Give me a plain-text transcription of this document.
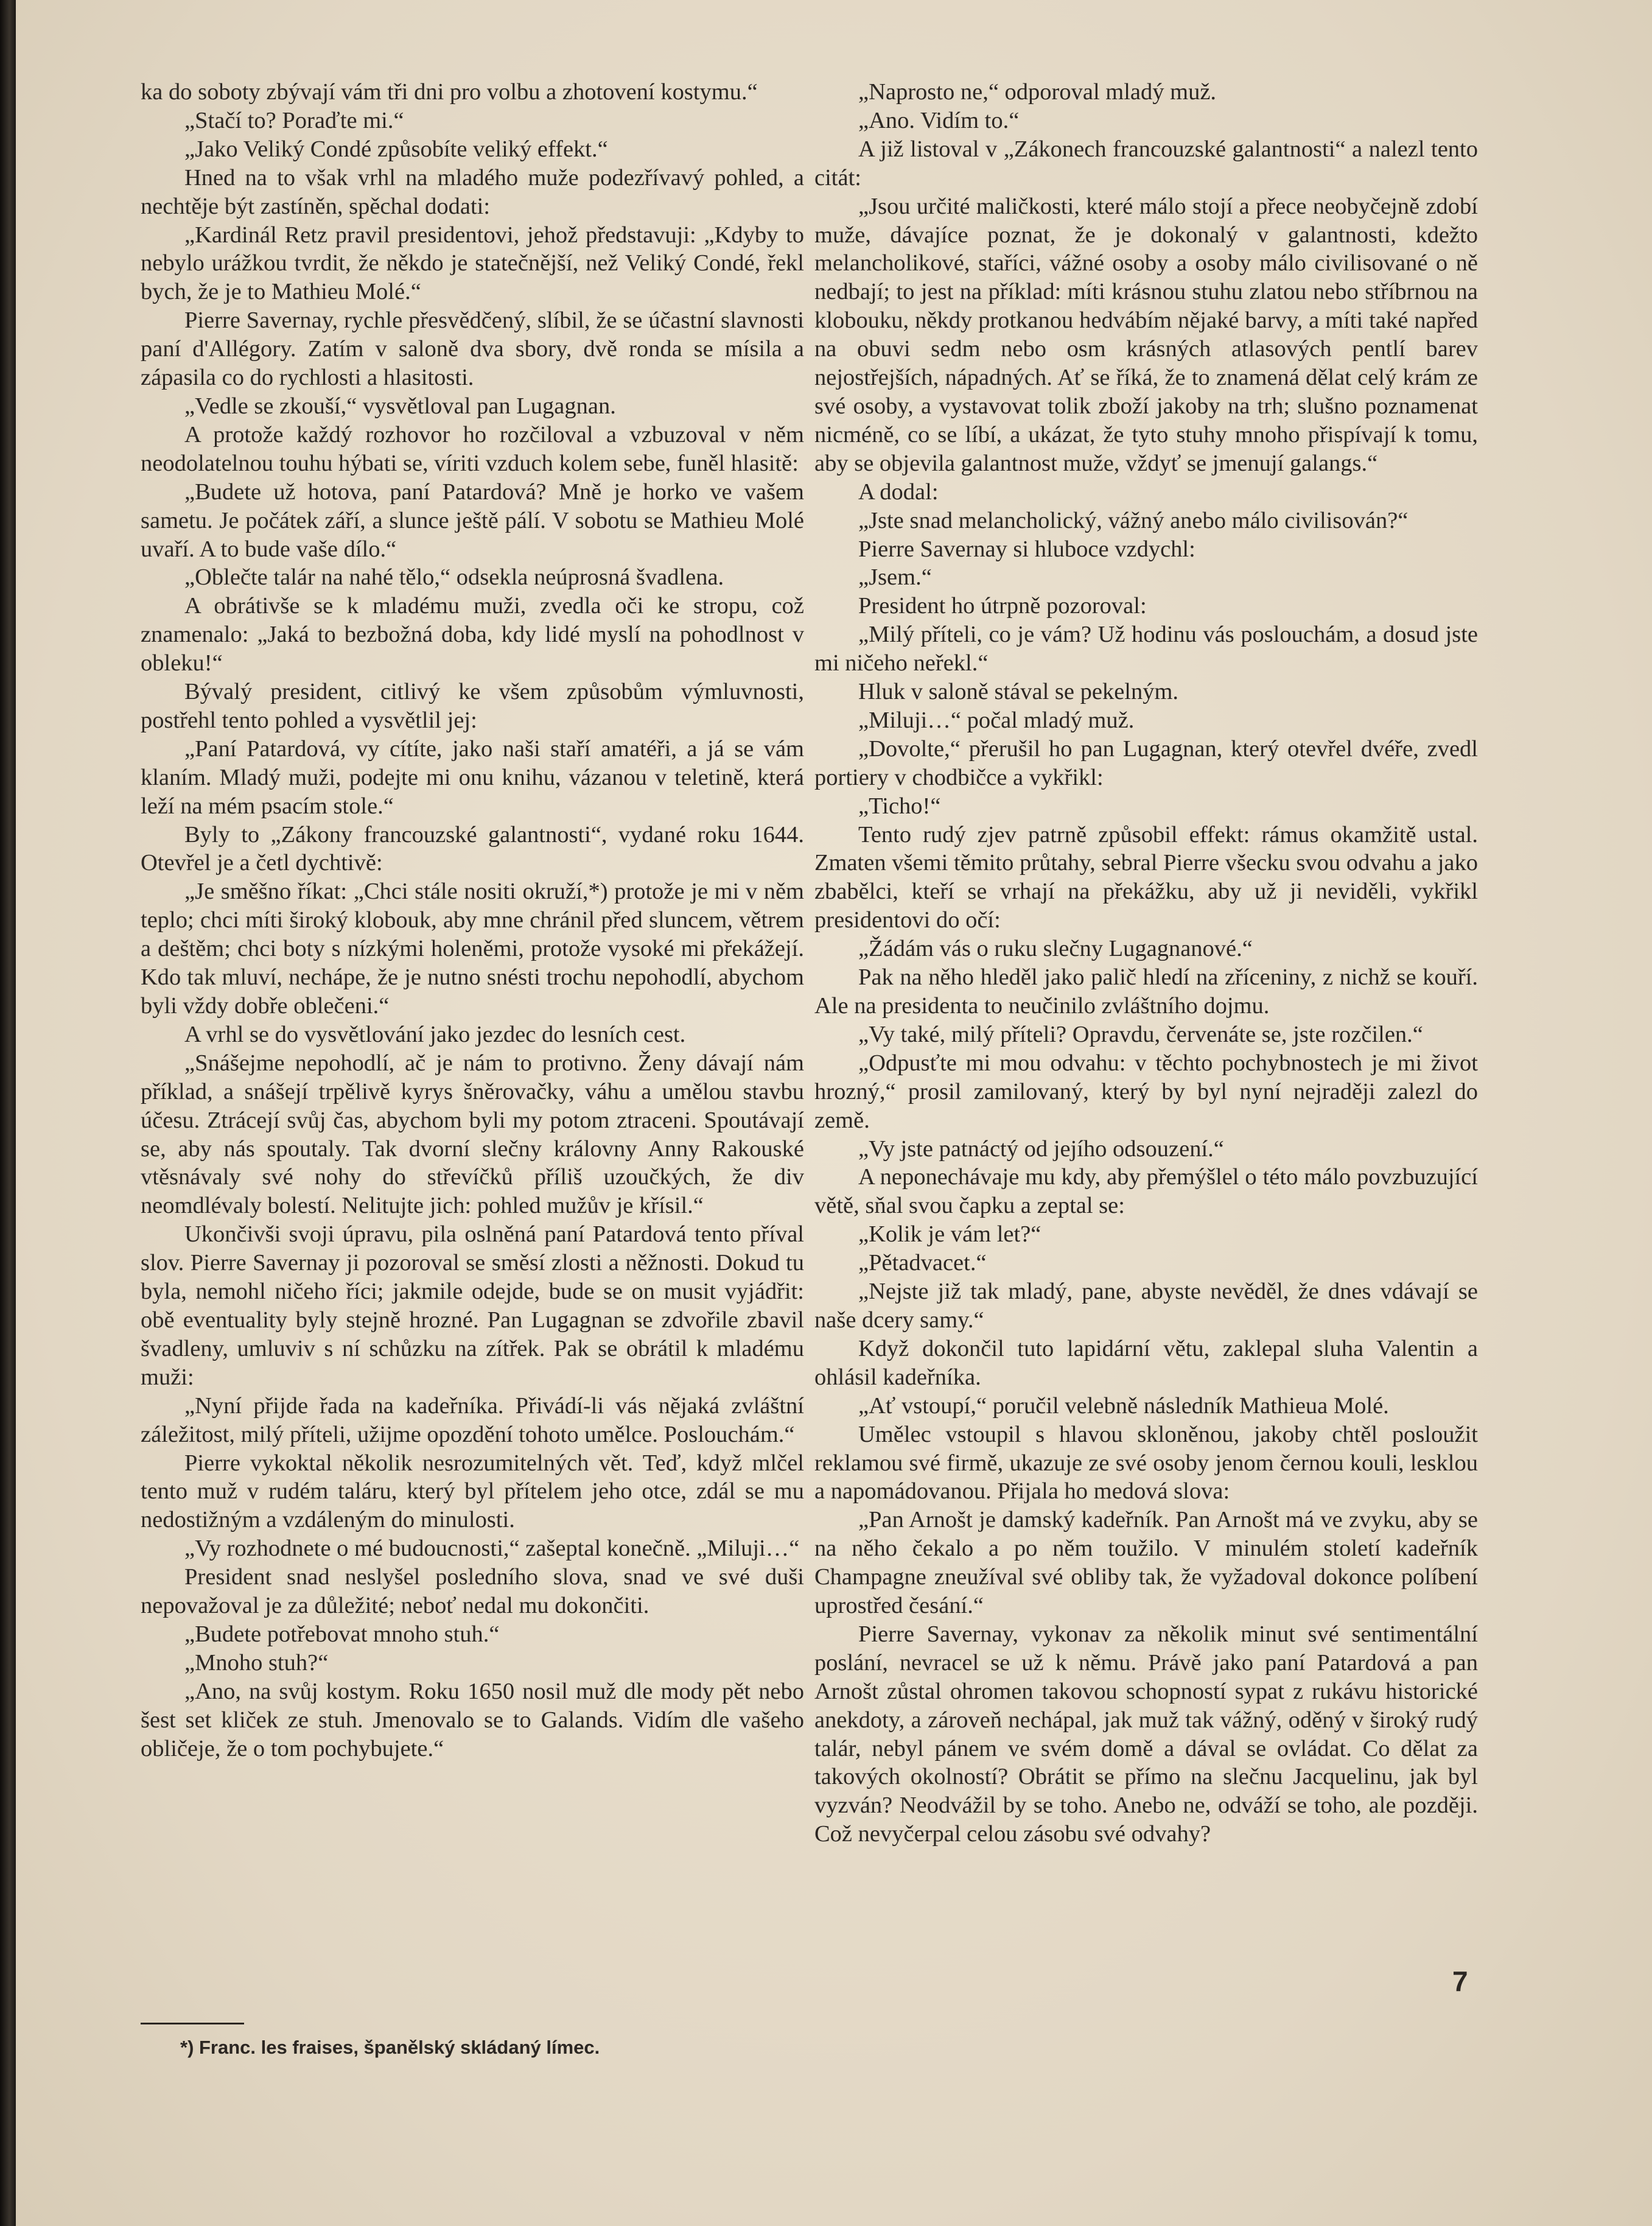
ka do soboty zbývají vám tři dni pro volbu a zhotovení kostymu.“

„Stačí to? Poraďte mi.“

„Jako Veliký Condé způsobíte veliký effekt.“

Hned na to však vrhl na mladého muže podezřívavý pohled, a nechtěje být zastíněn, spěchal dodati:

„Kardinál Retz pravil presidentovi, jehož představuji: „Kdyby to nebylo urážkou tvrdit, že někdo je statečnější, než Veliký Condé, řekl bych, že je to Mathieu Molé.“

Pierre Savernay, rychle přesvědčený, slíbil, že se účastní slavnosti paní d'Allégory. Zatím v saloně dva sbory, dvě ronda se mísila a zápasila co do rychlosti a hlasitosti.

„Vedle se zkouší,“ vysvětloval pan Lugagnan.

A protože každý rozhovor ho rozčiloval a vzbuzoval v něm neodolatelnou touhu hýbati se, víriti vzduch kolem sebe, funěl hlasitě:

„Budete už hotova, paní Patardová? Mně je horko ve vašem sametu. Je počátek září, a slunce ještě pálí. V sobotu se Mathieu Molé uvaří. A to bude vaše dílo.“

„Oblečte talár na nahé tělo,“ odsekla neúprosná švadlena.

A obrátivše se k mladému muži, zvedla oči ke stropu, což znamenalo: „Jaká to bezbožná doba, kdy lidé myslí na pohodlnost v obleku!“

Bývalý president, citlivý ke všem způsobům výmluvnosti, postřehl tento pohled a vysvětlil jej:

„Paní Patardová, vy cítíte, jako naši staří amatéři, a já se vám klaním. Mladý muži, podejte mi onu knihu, vázanou v teletině, která leží na mém psacím stole.“

Byly to „Zákony francouzské galantnosti“, vydané roku 1644. Otevřel je a četl dychtivě:

„Je směšno říkat: „Chci stále nositi okruží,*) protože je mi v něm teplo; chci míti široký klobouk, aby mne chránil před sluncem, větrem a deštěm; chci boty s nízkými holeněmi, protože vysoké mi překážejí. Kdo tak mluví, nechápe, že je nutno snésti trochu nepohodlí, abychom byli vždy dobře oblečeni.“

A vrhl se do vysvětlování jako jezdec do lesních cest.

„Snášejme nepohodlí, ač je nám to protivno. Ženy dávají nám příklad, a snášejí trpělivě kyrys šněrovačky, váhu a umělou stavbu účesu. Ztrácejí svůj čas, abychom byli my potom ztraceni. Spoutávají se, aby nás spoutaly. Tak dvorní slečny královny Anny Rakouské vtěsnávaly své nohy do střevíčků příliš uzoučkých, že div neomdlévaly bolestí. Nelitujte jich: pohled mužův je křísil.“

Ukončivši svoji úpravu, pila oslněná paní Patardová tento příval slov. Pierre Savernay ji pozoroval se směsí zlosti a něžnosti. Dokud tu byla, nemohl ničeho říci; jakmile odejde, bude se on musit vyjádřit: obě eventuality byly stejně hrozné. Pan Lugagnan se zdvořile zbavil švadleny, umluviv s ní schůzku na zítřek. Pak se obrátil k mladému muži:

„Nyní přijde řada na kadeřníka. Přivádí-li vás nějaká zvláštní záležitost, milý příteli, užijme opozdění tohoto umělce. Poslouchám.“

Pierre vykoktal několik nesrozumitelných vět. Teď, když mlčel tento muž v rudém taláru, který byl přítelem jeho otce, zdál se mu nedostižným a vzdáleným do minulosti.

„Vy rozhodnete o mé budoucnosti,“ zašeptal konečně. „Miluji…“

President snad neslyšel posledního slova, snad ve své duši nepovažoval je za důležité; neboť nedal mu dokončiti.

„Budete potřebovat mnoho stuh.“

„Mnoho stuh?“

„Ano, na svůj kostym. Roku 1650 nosil muž dle mody pět nebo šest set kliček ze stuh. Jmenovalo se to Galands. Vidím dle vašeho obličeje, že o tom pochybujete.“

„Naprosto ne,“ odporoval mladý muž.

„Ano. Vidím to.“

A již listoval v „Zákonech francouzské galantnosti“ a nalezl tento citát:

„Jsou určité maličkosti, které málo stojí a přece neobyčejně zdobí muže, dávajíce poznat, že je dokonalý v galantnosti, kdežto melancholikové, staříci, vážné osoby a osoby málo civilisované o ně nedbají; to jest na příklad: míti krásnou stuhu zlatou nebo stříbrnou na klobouku, někdy protkanou hedvábím nějaké barvy, a míti také napřed na obuvi sedm nebo osm krásných atlasových pentlí barev nejostřejších, nápadných. Ať se říká, že to znamená dělat celý krám ze své osoby, a vystavovat tolik zboží jakoby na trh; slušno poznamenat nicméně, co se líbí, a ukázat, že tyto stuhy mnoho přispívají k tomu, aby se objevila galantnost muže, vždyť se jmenují galangs.“

A dodal:

„Jste snad melancholický, vážný anebo málo civilisován?“

Pierre Savernay si hluboce vzdychl:

„Jsem.“

President ho útrpně pozoroval:

„Milý příteli, co je vám? Už hodinu vás poslouchám, a dosud jste mi ničeho neřekl.“

Hluk v saloně stával se pekelným.

„Miluji…“ počal mladý muž.

„Dovolte,“ přerušil ho pan Lugagnan, který otevřel dvéře, zvedl portiery v chodbičce a vykřikl:

„Ticho!“

Tento rudý zjev patrně způsobil effekt: rámus okamžitě ustal. Zmaten všemi těmito průtahy, sebral Pierre všecku svou odvahu a jako zbabělci, kteří se vrhají na překážku, aby už ji neviděli, vykřikl presidentovi do očí:

„Žádám vás o ruku slečny Lugagnanové.“

Pak na něho hleděl jako palič hledí na zříceniny, z nichž se kouří. Ale na presidenta to neučinilo zvláštního dojmu.

„Vy také, milý příteli? Opravdu, červenáte se, jste rozčilen.“

„Odpusťte mi mou odvahu: v těchto pochybnostech je mi život hrozný,“ prosil zamilovaný, který by byl nyní nejraději zalezl do země.

„Vy jste patnáctý od jejího odsouzení.“

A neponechávaje mu kdy, aby přemýšlel o této málo povzbuzující větě, sňal svou čapku a zeptal se:

„Kolik je vám let?“

„Pětadvacet.“

„Nejste již tak mladý, pane, abyste nevěděl, že dnes vdávají se naše dcery samy.“

Když dokončil tuto lapidární větu, zaklepal sluha Valentin a ohlásil kadeřníka.

„Ať vstoupí,“ poručil velebně následník Mathieua Molé.

Umělec vstoupil s hlavou skloněnou, jakoby chtěl posloužit reklamou své firmě, ukazuje ze své osoby jenom černou kouli, lesklou a napomádovanou. Přijala ho medová slova:

„Pan Arnošt je damský kadeřník. Pan Arnošt má ve zvyku, aby se na něho čekalo a po něm toužilo. V minulém století kadeřník Champagne zneužíval své obliby tak, že vyžadoval dokonce políbení uprostřed česání.“

Pierre Savernay, vykonav za několik minut své sentimentální poslání, nevracel se už k němu. Právě jako paní Patardová a pan Arnošt zůstal ohromen takovou schopností sypat z rukávu historické anekdoty, a zároveň nechápal, jak muž tak vážný, oděný v široký rudý talár, nebyl pánem ve svém domě a dával se ovládat. Co dělat za takových okolností? Obrátit se přímo na slečnu Jacquelinu, jak byl vyzván? Neodvážil by se toho. Anebo ne, odváží se toho, ale později. Což nevyčerpal celou zásobu své odvahy?

*) Franc. les fraises, španělský skládaný límec.
7
